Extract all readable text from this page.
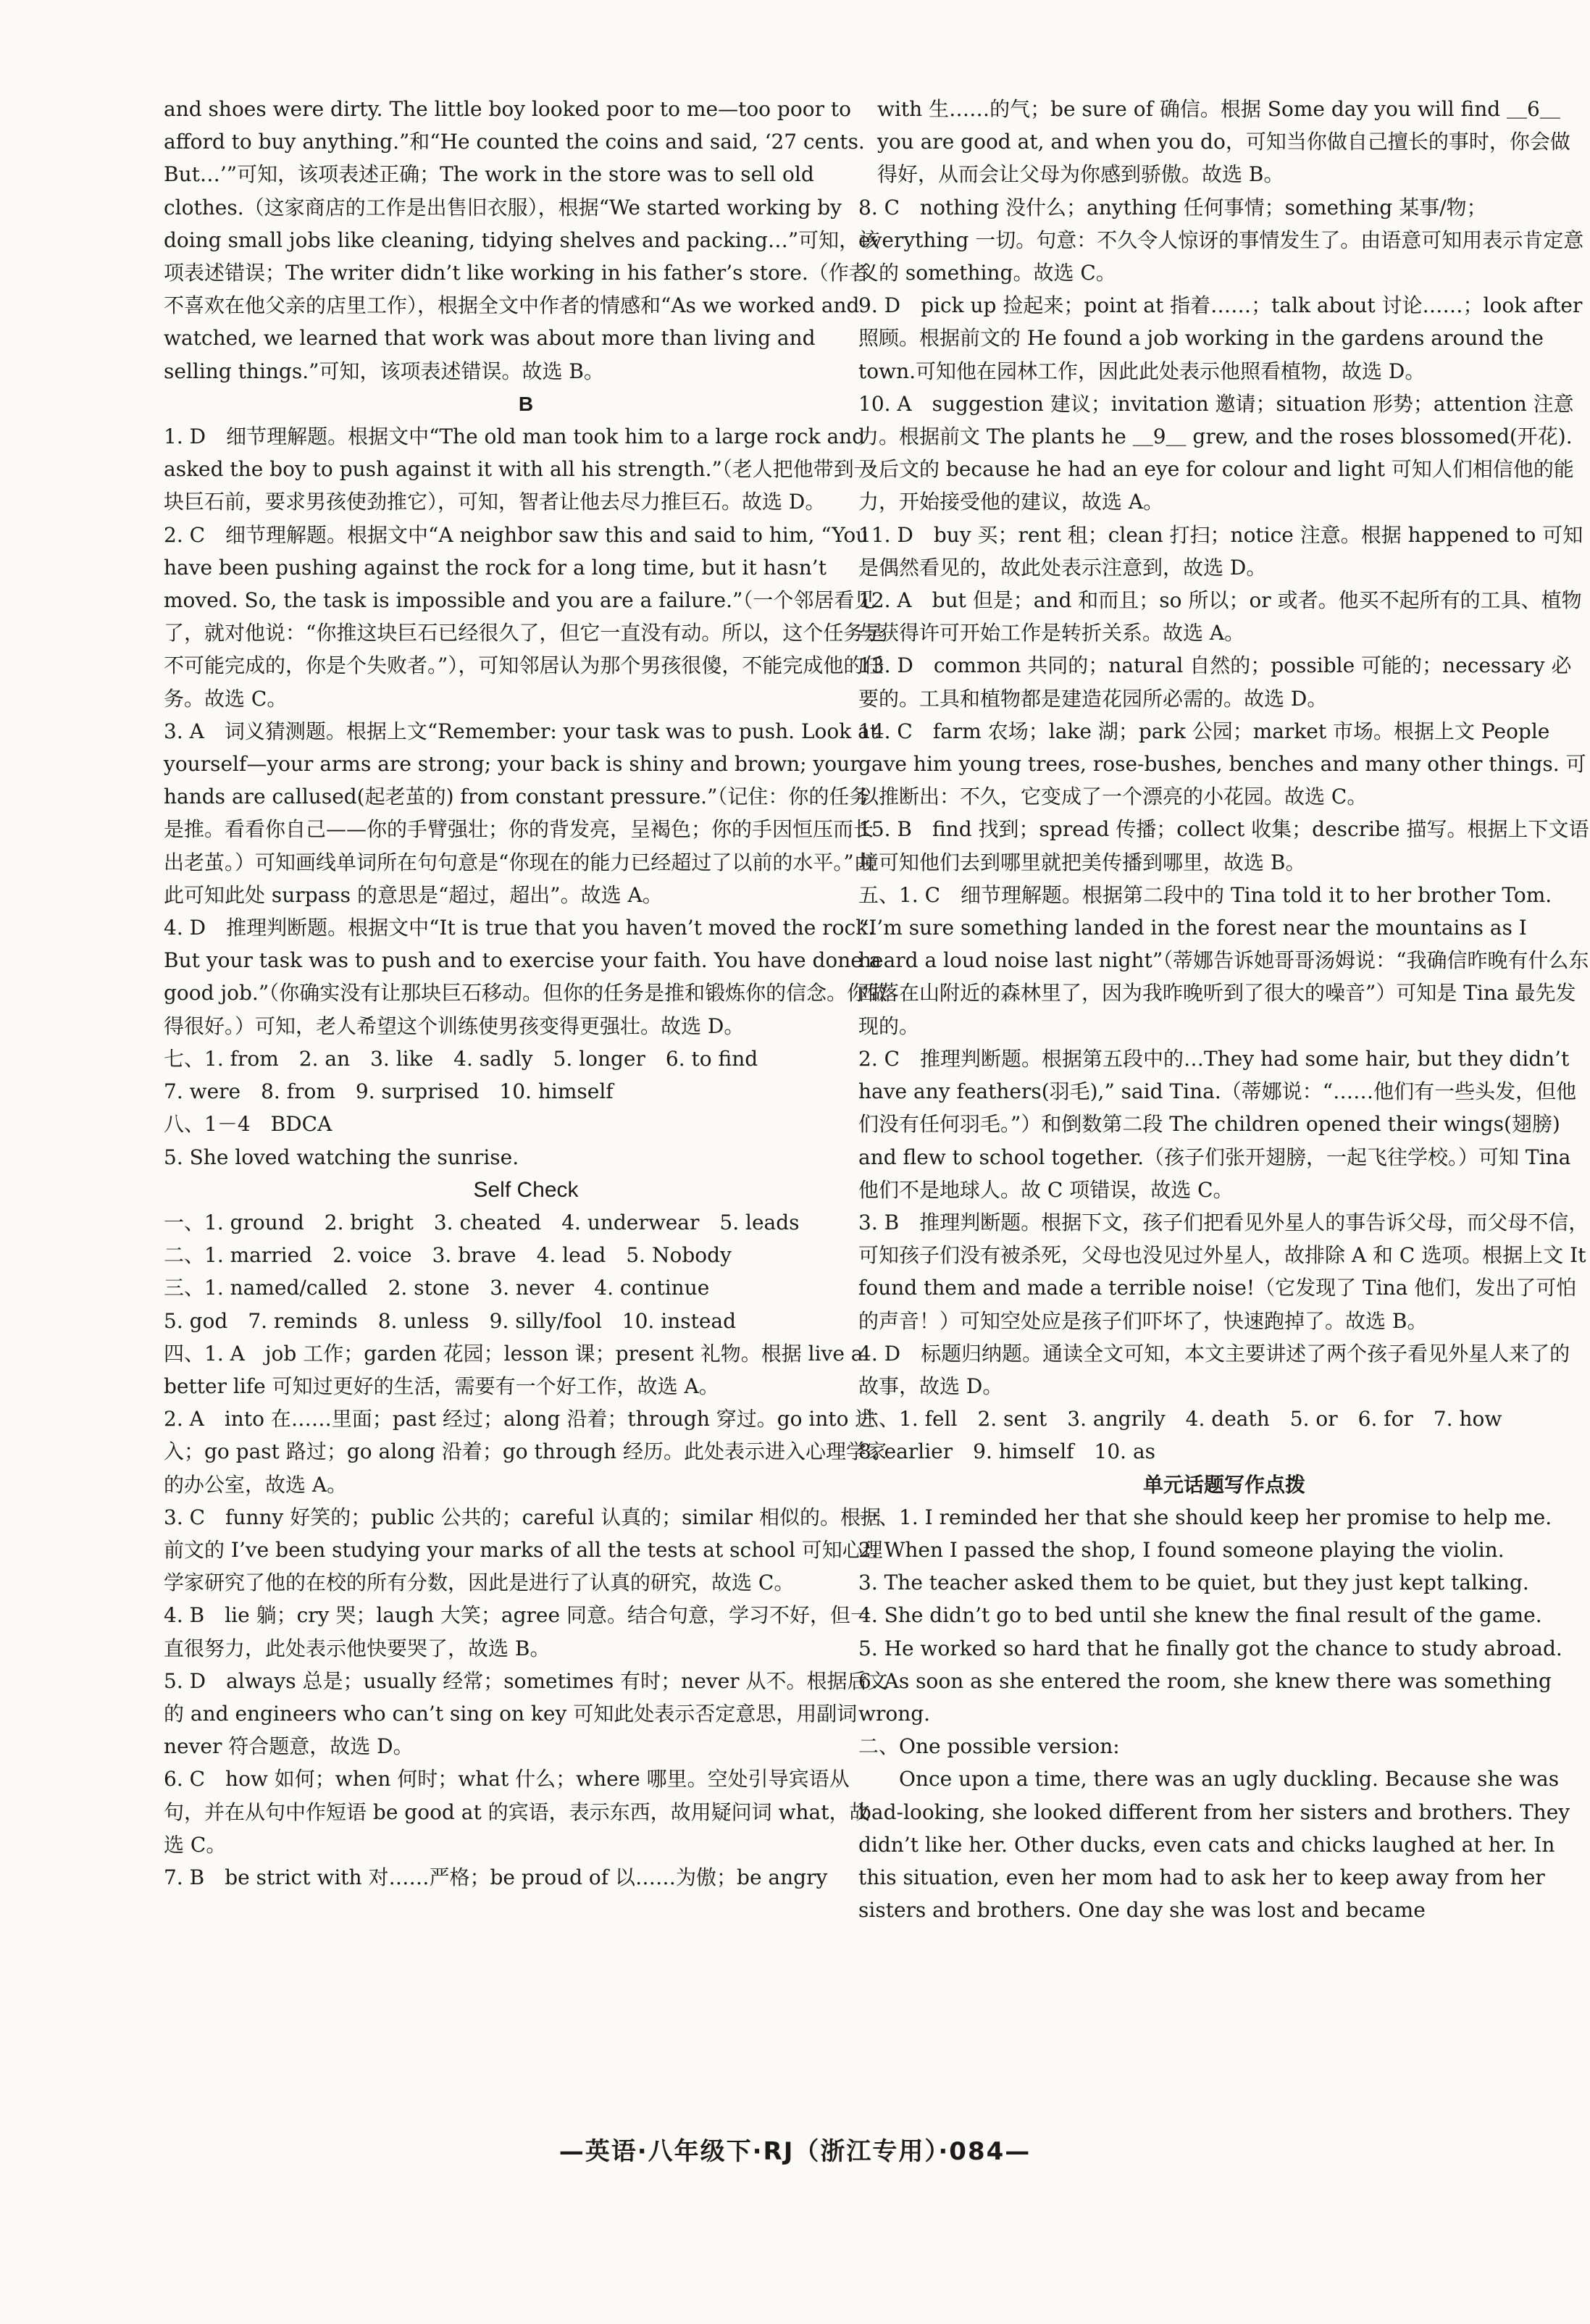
and shoes were dirty. The little boy looked poor to me—too poor to afford to buy anything.”和“He counted the coins and said, ‘27 cents. But…’”可知，该项表述正确；The work in the store was to sell old clothes.（这家商店的工作是出售旧衣服），根据“We started working by doing small jobs like cleaning, tidying shelves and packing…”可知，该项表述错误；The writer didn’t like working in his father’s store.（作者不喜欢在他父亲的店里工作），根据全文中作者的情感和“As we worked and watched, we learned that work was about more than living and selling things.”可知，该项表述错误。故选 B。
B
1. D　细节理解题。根据文中“The old man took him to a large rock and asked the boy to push against it with all his strength.”（老人把他带到一块巨石前，要求男孩使劲推它），可知，智者让他去尽力推巨石。故选 D。
2. C　细节理解题。根据文中“A neighbor saw this and said to him, “You have been pushing against the rock for a long time, but it hasn’t moved. So, the task is impossible and you are a failure.”（一个邻居看见了，就对他说：“你推这块巨石已经很久了，但它一直没有动。所以，这个任务是不可能完成的，你是个失败者。”），可知邻居认为那个男孩很傻，不能完成他的任务。故选 C。
3. A　词义猜测题。根据上文“Remember: your task was to push. Look at yourself—your arms are strong; your back is shiny and brown; your hands are callused(起老茧的) from constant pressure.”（记住：你的任务是推。看看你自己——你的手臂强壮；你的背发亮，呈褐色；你的手因恒压而长出老茧。）可知画线单词所在句句意是“你现在的能力已经超过了以前的水平。”由此可知此处 surpass 的意思是“超过，超出”。故选 A。
4. D　推理判断题。根据文中“It is true that you haven’t moved the rock. But your task was to push and to exercise your faith. You have done a good job.”（你确实没有让那块巨石移动。但你的任务是推和锻炼你的信念。你做得很好。）可知，老人希望这个训练使男孩变得更强壮。故选 D。
七、1. from　2. an　3. like　4. sadly　5. longer　6. to find
7. were　8. from　9. surprised　10. himself
八、1－4　BDCA
5. She loved watching the sunrise.
Self Check
一、1. ground　2. bright　3. cheated　4. underwear　5. leads
二、1. married　2. voice　3. brave　4. lead　5. Nobody
三、1. named/called　2. stone　3. never　4. continue
5. god　7. reminds　8. unless　9. silly/fool　10. instead
四、1. A　job 工作；garden 花园；lesson 课；present 礼物。根据 live a better life 可知过更好的生活，需要有一个好工作，故选 A。
2. A　into 在……里面；past 经过；along 沿着；through 穿过。go into 进入；go past 路过；go along 沿着；go through 经历。此处表示进入心理学家的办公室，故选 A。
3. C　funny 好笑的；public 公共的；careful 认真的；similar 相似的。根据前文的 I’ve been studying your marks of all the tests at school 可知心理学家研究了他的在校的所有分数，因此是进行了认真的研究，故选 C。
4. B　lie 躺；cry 哭；laugh 大笑；agree 同意。结合句意，学习不好，但一直很努力，此处表示他快要哭了，故选 B。
5. D　always 总是；usually 经常；sometimes 有时；never 从不。根据后文的 and engineers who can’t sing on key 可知此处表示否定意思，用副词 never 符合题意，故选 D。
6. C　how 如何；when 何时；what 什么；where 哪里。空处引导宾语从句，并在从句中作短语 be good at 的宾语，表示东西，故用疑问词 what，故选 C。
7. B　be strict with 对……严格；be proud of 以……为傲；be angry
with 生……的气；be sure of 确信。根据 Some day you will find ＿6＿ you are good at, and when you do，可知当你做自己擅长的事时，你会做得好，从而会让父母为你感到骄傲。故选 B。
8. C　nothing 没什么；anything 任何事情；something 某事/物；everything 一切。句意：不久令人惊讶的事情发生了。由语意可知用表示肯定意义的 something。故选 C。
9. D　pick up 捡起来；point at 指着……；talk about 讨论……；look after 照顾。根据前文的 He found a job working in the gardens around the town.可知他在园林工作，因此此处表示他照看植物，故选 D。
10. A　suggestion 建议；invitation 邀请；situation 形势；attention 注意力。根据前文 The plants he ＿9＿ grew, and the roses blossomed(开花).及后文的 because he had an eye for colour and light 可知人们相信他的能力，开始接受他的建议，故选 A。
11. D　buy 买；rent 租；clean 打扫；notice 注意。根据 happened to 可知是偶然看见的，故此处表示注意到，故选 D。
12. A　but 但是；and 和而且；so 所以；or 或者。他买不起所有的工具、植物与获得许可开始工作是转折关系。故选 A。
13. D　common 共同的；natural 自然的；possible 可能的；necessary 必要的。工具和植物都是建造花园所必需的。故选 D。
14. C　farm 农场；lake 湖；park 公园；market 市场。根据上文 People gave him young trees, rose-bushes, benches and many other things. 可以推断出：不久，它变成了一个漂亮的小花园。故选 C。
15. B　find 找到；spread 传播；collect 收集；describe 描写。根据上下文语境可知他们去到哪里就把美传播到哪里，故选 B。
五、1. C　细节理解题。根据第二段中的 Tina told it to her brother Tom. “I’m sure something landed in the forest near the mountains as I heard a loud noise last night”（蒂娜告诉她哥哥汤姆说：“我确信昨晚有什么东西落在山附近的森林里了，因为我昨晚听到了很大的噪音”）可知是 Tina 最先发现的。
2. C　推理判断题。根据第五段中的…They had some hair, but they didn’t have any feathers(羽毛),” said Tina.（蒂娜说：“……他们有一些头发，但他们没有任何羽毛。”）和倒数第二段 The children opened their wings(翅膀) and flew to school together.（孩子们张开翅膀，一起飞往学校。）可知 Tina 他们不是地球人。故 C 项错误，故选 C。
3. B　推理判断题。根据下文，孩子们把看见外星人的事告诉父母，而父母不信，可知孩子们没有被杀死，父母也没见过外星人，故排除 A 和 C 选项。根据上文 It found them and made a terrible noise!（它发现了 Tina 他们，发出了可怕的声音！）可知空处应是孩子们吓坏了，快速跑掉了。故选 B。
4. D　标题归纳题。通读全文可知，本文主要讲述了两个孩子看见外星人来了的故事，故选 D。
六、1. fell　2. sent　3. angrily　4. death　5. or　6. for　7. how
8. earlier　9. himself　10. as
单元话题写作点拨
一、1. I reminded her that she should keep her promise to help me.
2. When I passed the shop, I found someone playing the violin.
3. The teacher asked them to be quiet, but they just kept talking.
4. She didn’t go to bed until she knew the final result of the game.
5. He worked so hard that he finally got the chance to study abroad.
6. As soon as she entered the room, she knew there was something wrong.
二、One possible version:
Once upon a time, there was an ugly duckling. Because she was bad-looking, she looked different from her sisters and brothers. They didn’t like her. Other ducks, even cats and chicks laughed at her. In this situation, even her mom had to ask her to keep away from her sisters and brothers. One day she was lost and became
—英语·八年级下·RJ（浙江专用）·084—
